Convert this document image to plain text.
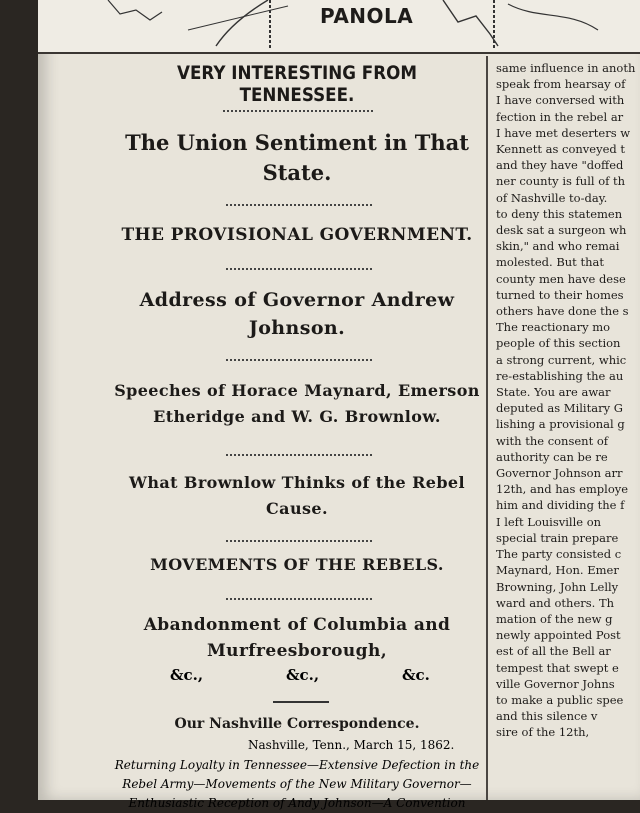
PANOLA
VERY INTERESTING FROM TENNESSEE.
The Union Sentiment in That State.
THE PROVISIONAL GOVERNMENT.
Address of Governor Andrew Johnson.
Speeches of Horace Maynard, Emerson Etheridge and W. G. Brownlow.
What Brownlow Thinks of the Rebel Cause.
MOVEMENTS OF THE REBELS.
Abandonment of Columbia and Murfreesborough,
&c.,	&c.,	&c.
Our Nashville Correspondence.
Nashville, Tenn., March 15, 1862.
Returning Loyalty in Tennessee—Extensive Defection in the Rebel Army—Movements of the New Military Governor—Enthusiastic Reception of Andy Johnson—A Convention
same influence in anoth
speak from hearsay of
I have conversed with
fection in the rebel ar
I have met deserters w
Kennett as conveyed t
and they have "doffed
ner county is full of th
of Nashville to-day.
to deny this statemen
desk sat a surgeon wh
skin," and who remai
molested. But that
county men have dese
turned to their homes
others have done the s
The reactionary mo
people of this section
a strong current, whic
re-establishing the au
State. You are awar
deputed as Military G
lishing a provisional g
with the consent of
authority can be re
Governor Johnson arr
12th, and has employe
him and dividing the f
I left Louisville on
special train prepare
The party consisted c
Maynard, Hon. Emer
Browning, John Lelly
ward and others. Th
mation of the new g
newly appointed Post
est of all the Bell ar
tempest that swept e
ville Governor Johns
to make a public spee
and this silence v
sire of the 12th,
